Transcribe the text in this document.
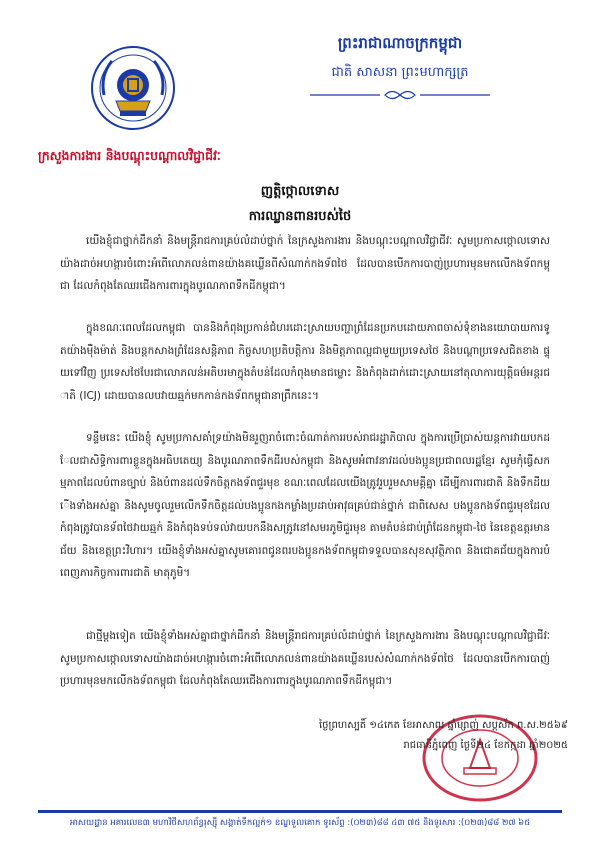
ព្រះរាជាណាចក្រកម្ពុជា
ជាតិ សាសនា ព្រះមហាក្សត្រ
ក្រសួងការងារ និងបណ្តុះបណ្តាលវិជ្ជាជីវៈ
ញត្តិថ្កោលទោស
ការឈ្លានពានរបស់ថៃ
យើងខ្ញុំជាថ្នាក់ដឹកនាំ និងមន្ត្រីរាជការគ្រប់លំដាប់ថ្នាក់ នៃក្រសួងការងារ និងបណ្តុះបណ្តាលវិជ្ជាជីវៈ សូមប្រកាសថ្កោលទោសយ៉ាងដាច់អហង្ការចំពោះអំពើលោភលន់ពានយ៉ាងគឃ្លើនពីសំណាក់កងទ័ពថៃ ដែលបានបើកការបាញ់ប្រហារមុនមកលើកងទ័ពកម្ពុជា ដែលកំពុងតែឈរជើងការពារក្នុងបូរណភាពទឹកដីកម្ពុជា។
ក្នុងខណៈពេលដែលកម្ពុជា បាននិងកំពុងប្រកាន់ជំហរដោះស្រាយបញ្ហាព្រំដែនប្រកបដោយភាពចាស់ទុំខាងនយោបាយការទូតយ៉ាងម៉ឺងម៉ាត់ និងបន្តកសាងព្រំដែនសន្តិភាព កិច្ចសហប្រតិបត្តិការ និងមិត្តភាពល្អជាមួយប្រទេសថៃ និងបណ្តាប្រទេសជិតខាង ផ្ទុយទៅវិញ ប្រទេសថៃបែរជាលោភលន់អតិបរមាក្នុងតំបន់ដែលកំពុងមានជម្លោះ និងកំពុងដាក់ដោះស្រាយនៅតុលាការយុត្តិធម៌អន្តរជាតិ (ICJ) ដោយបានលបវាយឆ្មក់មកកាន់កងទ័ពកម្ពុជានាព្រឹកនេះ។
ទន្ទឹមនេះ យើងខ្ញុំ សូមប្រកាសគាំទ្រយ៉ាងមិនរួញរាចំពោះចំណាត់ការរបស់រាជរដ្ឋាភិបាល ក្នុងការប្រើប្រាស់យន្តការវាយបកដែលជាសិទ្ធិការពារខ្លួនក្នុងអធិបតេយ្យ និងបូរណភាពទឹកដីរបស់កម្ពុជា និងសូមអំពាវនាវដល់បងប្អូនប្រជាពលរដ្ឋខ្មែរ សូមកុំធ្វើសកម្មភាពដែលបំពានច្បាប់ និងបំពានដល់ទឹកចិត្តកងទ័ពជួរមុខ ខណៈពេលដែលយើងត្រូវរួបរួមសាមគ្គីគ្នា ដើម្បីការពារជាតិ និងទឹកដីយើងទាំងអស់គ្នា និងសូមចូលរួមលើកទឹកចិត្តដល់បងប្អូនកងកម្លាំងប្រដាប់អាវុធគ្រប់ជាន់ថ្នាក់ ជាពិសេស បងប្អូនកងទ័ពជួរមុខដែលកំពុងត្រូវបានទ័ពថៃវាយឆ្មក់ និងកំពុងទប់ទល់វាយបកនឹងសត្រូវនៅសមរភូមិជួរមុខ តាមតំបន់ជាប់ព្រំដែនកម្ពុជា-ថៃ នៃខេត្តឧត្តរមានជ័យ និងខេត្តព្រះវិហារ។ យើងខ្ញុំទាំងអស់គ្នាសូមគោរពជូនពរបងប្អូនកងទ័ពកម្ពុជាទទួលបានសុខសុវត្ថិភាព និងជោគជ័យក្នុងការបំពេញភារកិច្ចការពារជាតិ មាតុភូមិ។
ជាថ្មីម្តងទៀត យើងខ្ញុំទាំងអស់គ្នាជាថ្នាក់ដឹកនាំ និងមន្ត្រីរាជការគ្រប់លំដាប់ថ្នាក់ នៃក្រសួងការងារ និងបណ្តុះបណ្តាលវិជ្ជាជីវៈ សូមប្រកាសថ្កោលទោសយ៉ាងដាច់អហង្ការចំពោះអំពើលោភលន់ពានយ៉ាងគឃ្លើនរបស់សំណាក់កងទ័ពថៃ ដែលបានបើកការបាញ់ប្រហារមុនមកលើកងទ័ពកម្ពុជា ដែលកំពុងតែឈរជើងការពារក្នុងបូរណភាពទឹកដីកម្ពុជា។
ថ្ងៃព្រហស្បតិ៍ ១៤កេត ខែអាសាឍ ឆ្នាំម្សាញ់ សប្តស័ក ព.ស.២៥៦៩
រាជធានីភ្នំពេញ ថ្ងៃទី២៤ ខែកក្កដា ឆ្នាំ២០២៥
អាសយដ្ឋាន អគារលេខ៣ មហាវិថីសហព័ន្ធរុស្ស៊ី សង្កាត់ទឹកល្អក់១ ខណ្ឌទួលគោក ទូរស័ព្ទ :(០២៣)៨៨ ៤៣ ៧៥ និងទូរសារ :(០២៣)៨៨ ២៧ ៦៥
